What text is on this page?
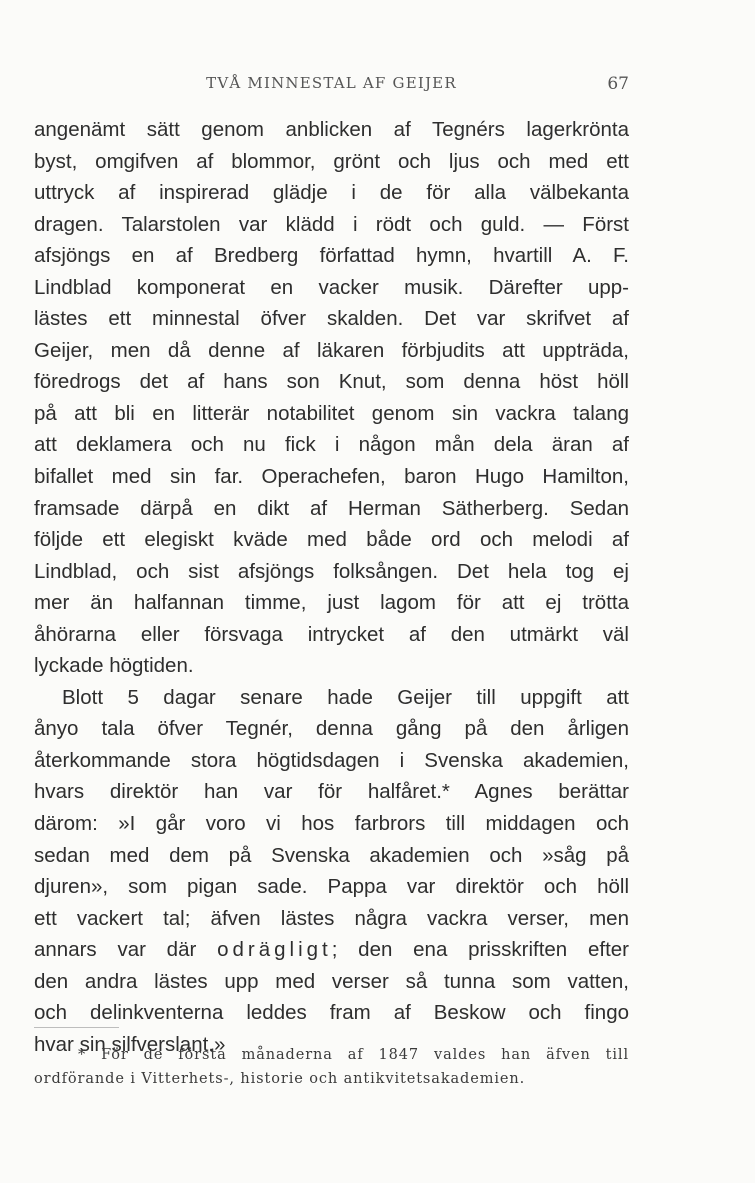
TVÅ MINNESTAL AF GEIJER	67
angenämt sätt genom anblicken af Tegnérs lagerkrönta
byst, omgifven af blommor, grönt och ljus och med ett
uttryck af inspirerad glädje i de för alla välbekanta
dragen. Talarstolen var klädd i rödt och guld. — Först
afsjöngs en af Bredberg författad hymn, hvartill A. F.
Lindblad komponerat en vacker musik. Därefter upp-
lästes ett minnestal öfver skalden. Det var skrifvet af
Geijer, men då denne af läkaren förbjudits att uppträda,
föredrogs det af hans son Knut, som denna höst höll
på att bli en litterär notabilitet genom sin vackra talang
att deklamera och nu fick i någon mån dela äran af
bifallet med sin far. Operachefen, baron Hugo Hamilton,
framsade därpå en dikt af Herman Sätherberg. Sedan
följde ett elegiskt kväde med både ord och melodi af
Lindblad, och sist afsjöngs folksången. Det hela tog ej
mer än halfannan timme, just lagom för att ej trötta
åhörarna eller försvaga intrycket af den utmärkt väl
lyckade högtiden.
Blott 5 dagar senare hade Geijer till uppgift att
ånyo tala öfver Tegnér, denna gång på den årligen
återkommande stora högtidsdagen i Svenska akademien,
hvars direktör han var för halfåret.* Agnes berättar
därom: »I går voro vi hos farbrors till middagen och
sedan med dem på Svenska akademien och »såg på
djuren», som pigan sade. Pappa var direktör och höll
ett vackert tal; äfven lästes några vackra verser, men
annars var där odrägligt; den ena prisskriften efter
den andra lästes upp med verser så tunna som vatten,
och delinkventerna leddes fram af Beskow och fingo
hvar sin silfverslant.»
* För de första månaderna af 1847 valdes han äfven till
ordförande i Vitterhets-, historie och antikvitetsakademien.
